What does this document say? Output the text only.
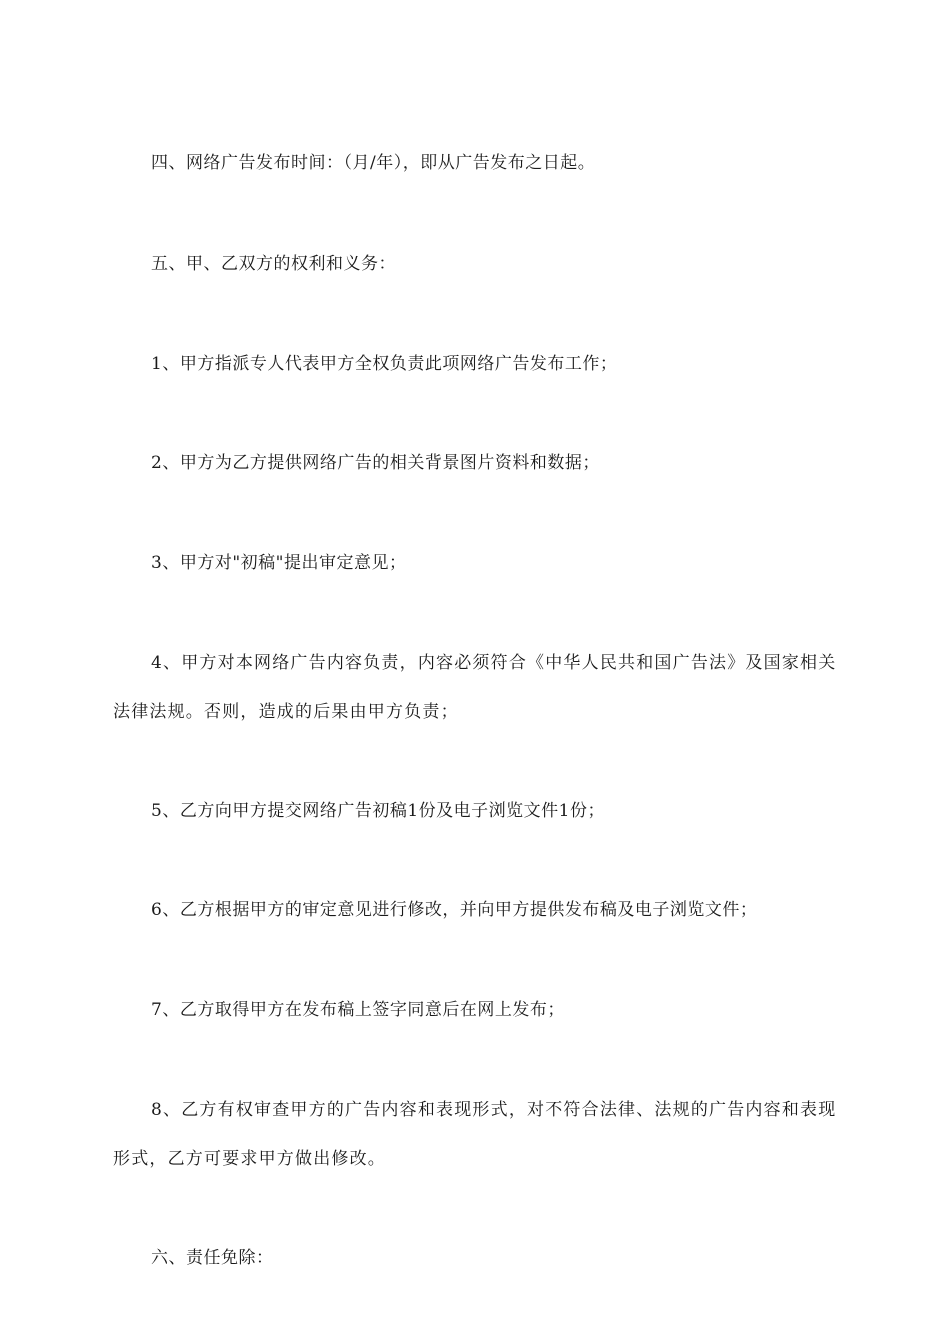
四、网络广告发布时间：（月/年），即从广告发布之日起。

五、甲、乙双方的权利和义务：

1、甲方指派专人代表甲方全权负责此项网络广告发布工作；

2、甲方为乙方提供网络广告的相关背景图片资料和数据；

3、甲方对"初稿"提出审定意见；

4、甲方对本网络广告内容负责，内容必须符合《中华人民共和国广告法》及国家相关法律法规。否则，造成的后果由甲方负责；

5、乙方向甲方提交网络广告初稿1份及电子浏览文件1份；

6、乙方根据甲方的审定意见进行修改，并向甲方提供发布稿及电子浏览文件；

7、乙方取得甲方在发布稿上签字同意后在网上发布；

8、乙方有权审查甲方的广告内容和表现形式，对不符合法律、法规的广告内容和表现形式，乙方可要求甲方做出修改。

六、责任免除：
